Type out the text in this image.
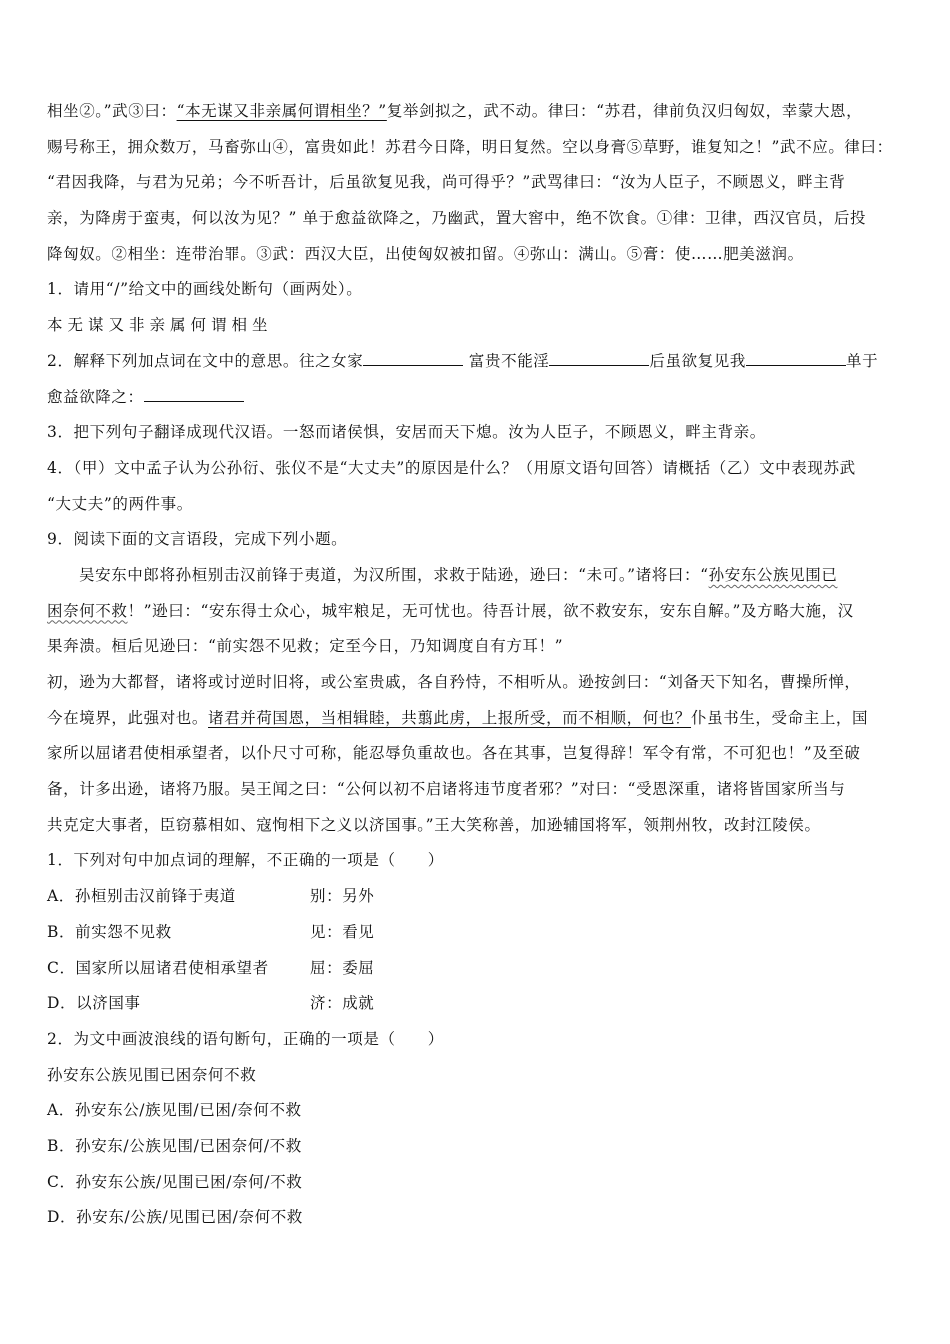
相坐②。”武③曰：“本无谋又非亲属何谓相坐？”复举剑拟之，武不动。律曰：“苏君，律前负汉归匈奴，幸蒙大恩，
赐号称王，拥众数万，马畜弥山④，富贵如此！苏君今日降，明日复然。空以身膏⑤草野，谁复知之！”武不应。律曰：
“君因我降，与君为兄弟；今不听吾计，后虽欲复见我，尚可得乎？”武骂律曰：“汝为人臣子，不顾恩义，畔主背
亲，为降虏于蛮夷，何以汝为见？” 单于愈益欲降之，乃幽武，置大窖中，绝不饮食。①律：卫律，西汉官员，后投
降匈奴。②相坐：连带治罪。③武：西汉大臣，出使匈奴被扣留。④弥山：满山。⑤膏：使……肥美滋润。
1．请用“/”给文中的画线处断句（画两处）。
本无谋又非亲属何谓相坐
2．解释下列加点词在文中的意思。往之女家	富贵不能淫	后虽欲复见我	单于
愈益欲降之：
3．把下列句子翻译成现代汉语。一怒而诸侯惧，安居而天下熄。汝为人臣子，不顾恩义，畔主背亲。
4．（甲）文中孟子认为公孙衍、张仪不是“大丈夫”的原因是什么？（用原文语句回答）请概括（乙）文中表现苏武
“大丈夫”的两件事。
9．阅读下面的文言语段，完成下列小题。
吴安东中郎将孙桓别击汉前锋于夷道，为汉所围，求救于陆逊，逊曰：“未可。”诸将曰：“孙安东公族见围已
困奈何不救！”逊曰：“安东得士众心，城牢粮足，无可忧也。待吾计展，欲不救安东，安东自解。”及方略大施，汉
果奔溃。桓后见逊曰：“前实怨不见救；定至今日，乃知调度自有方耳！”
初，逊为大都督，诸将或讨逆时旧将，或公室贵戚，各自矜恃，不相听从。逊按剑曰：“刘备天下知名，曹操所惮，
今在境界，此强对也。诸君并荷国恩，当相辑睦，共翦此虏，上报所受，而不相顺，何也？仆虽书生，受命主上，国
家所以屈诸君使相承望者，以仆尺寸可称，能忍辱负重故也。各在其事，岂复得辞！军令有常，不可犯也！”及至破
备，计多出逊，诸将乃服。吴王闻之曰：“公何以初不启诸将违节度者邪？”对曰：“受恩深重，诸将皆国家所当与
共克定大事者，臣窃慕相如、寇恂相下之义以济国事。”王大笑称善，加逊辅国将军，领荆州牧，改封江陵侯。
1．下列对句中加点词的理解，不正确的一项是（　　）
A．孙桓别击汉前锋于夷道	别：另外
B．前实怨不见救	见：看见
C．国家所以屈诸君使相承望者	屈：委屈
D．以济国事	济：成就
2．为文中画波浪线的语句断句，正确的一项是（　　）
孙安东公族见围已困奈何不救
A．孙安东公/族见围/已困/奈何不救
B．孙安东/公族见围/已困奈何/不救
C．孙安东公族/见围已困/奈何/不救
D．孙安东/公族/见围已困/奈何不救
